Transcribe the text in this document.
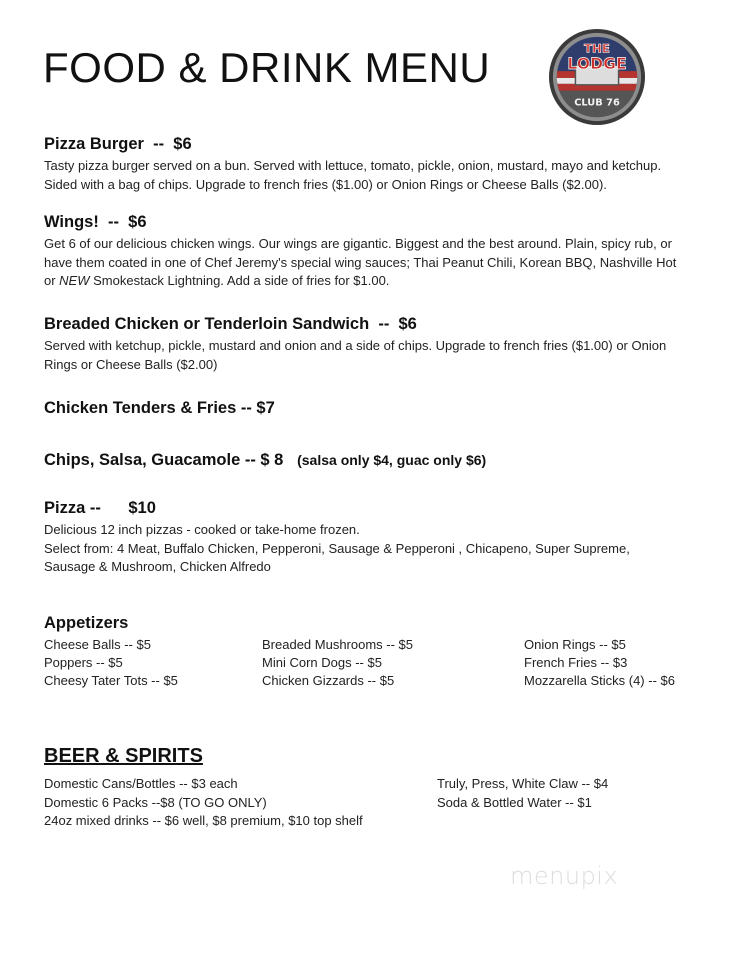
FOOD & DRINK MENU	THE
LODGE
CLUB 76
Pizza Burger  --  $6
Tasty pizza burger served on a bun. Served with lettuce, tomato, pickle, onion, mustard, mayo and ketchup.
Sided with a bag of chips. Upgrade to french fries ($1.00) or Onion Rings or Cheese Balls ($2.00).
Wings!  --  $6
Get 6 of our delicious chicken wings. Our wings are gigantic. Biggest and the best around. Plain, spicy rub, or
have them coated in one of Chef Jeremy's special wing sauces; Thai Peanut Chili, Korean BBQ, Nashville Hot
or NEW Smokestack Lightning. Add a side of fries for $1.00.
Breaded Chicken or Tenderloin Sandwich  --  $6
Served with ketchup, pickle, mustard and onion and a side of chips. Upgrade to french fries ($1.00) or Onion
Rings or Cheese Balls ($2.00)
Chicken Tenders & Fries -- $7
Chips, Salsa, Guacamole -- $ 8 (salsa only $4, guac only $6)
Pizza --      $10
Delicious 12 inch pizzas - cooked or take-home frozen.
Select from: 4 Meat, Buffalo Chicken, Pepperoni, Sausage & Pepperoni , Chicapeno, Super Supreme,
Sausage & Mushroom, Chicken Alfredo
Appetizers
Cheese Balls -- $5
Poppers -- $5
Cheesy Tater Tots -- $5
Breaded Mushrooms -- $5
Mini Corn Dogs -- $5
Chicken Gizzards -- $5
Onion Rings -- $5
French Fries -- $3
Mozzarella Sticks (4) -- $6
BEER & SPIRITS
Domestic Cans/Bottles -- $3 each
Domestic 6 Packs --$8 (TO GO ONLY)
24oz mixed drinks -- $6 well, $8 premium, $10 top shelf
Truly, Press, White Claw -- $4
Soda & Bottled Water -- $1
menupix
